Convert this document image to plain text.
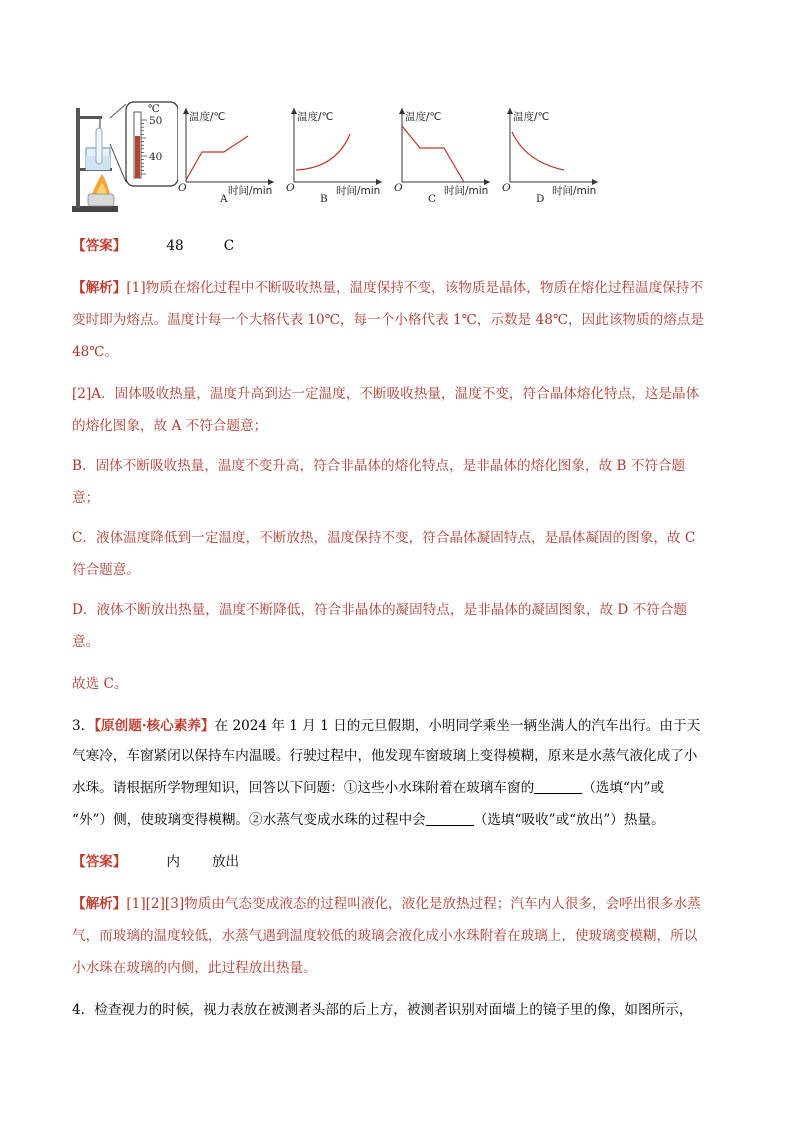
℃
50
40
温度/℃
O	时间/min
A
温度/℃
O	时间/min
B
温度/℃
O	时间/min
C
温度/℃
O	时间/min
D
【答案】	48	C
【解析】[1]物质在熔化过程中不断吸收热量，温度保持不变，该物质是晶体，物质在熔化过程温度保持不
变时即为熔点。温度计每一个大格代表 10℃，每一个小格代表 1℃，示数是 48℃，因此该物质的熔点是
48℃。
[2]A．固体吸收热量，温度升高到达一定温度，不断吸收热量，温度不变，符合晶体熔化特点，这是晶体
的熔化图象，故 A 不符合题意；
B．固体不断吸收热量，温度不变升高，符合非晶体的熔化特点，是非晶体的熔化图象，故 B 不符合题
意；
C．液体温度降低到一定温度，不断放热，温度保持不变，符合晶体凝固特点，是晶体凝固的图象，故 C
符合题意。
D．液体不断放出热量，温度不断降低，符合非晶体的凝固特点，是非晶体的凝固图象，故 D 不符合题
意。
故选 C。
3．【原创题·核心素养】在 2024 年 1 月 1 日的元旦假期，小明同学乘坐一辆坐满人的汽车出行。由于天
气寒冷，车窗紧闭以保持车内温暖。行驶过程中，他发现车窗玻璃上变得模糊，原来是水蒸气液化成了小
水珠。请根据所学物理知识，回答以下问题：①这些小水珠附着在玻璃车窗的	（选填“内”或
“外”）侧，使玻璃变得模糊。②水蒸气变成水珠的过程中会	（选填“吸收”或“放出”）热量。
【答案】	内 放出
【解析】[1][2][3]物质由气态变成液态的过程叫液化，液化是放热过程；汽车内人很多，会呼出很多水蒸
气，而玻璃的温度较低，水蒸气遇到温度较低的玻璃会液化成小水珠附着在玻璃上，使玻璃变模糊，所以
小水珠在玻璃的内侧，此过程放出热量。
4．检查视力的时候，视力表放在被测者头部的后上方，被测者识别对面墙上的镜子里的像，如图所示，
